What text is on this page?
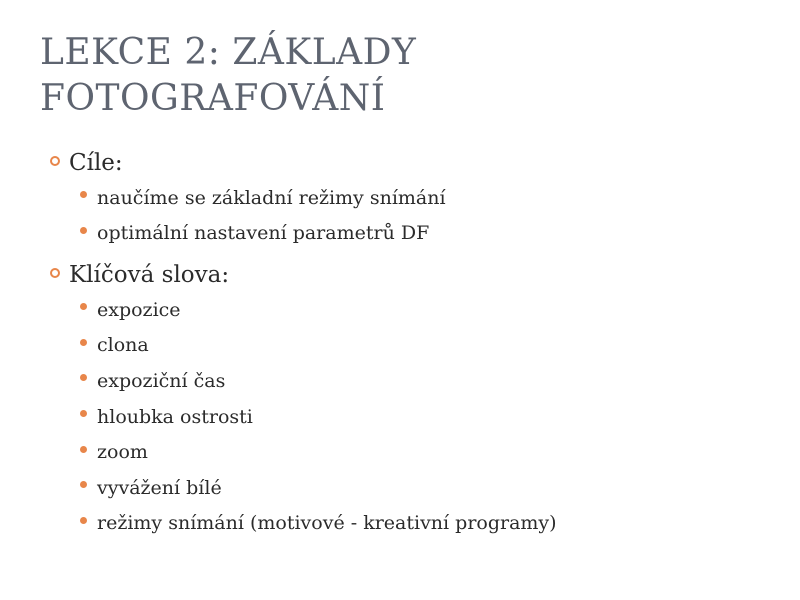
LEKCE 2: ZÁKLADY
FOTOGRAFOVÁNÍ
Cíle:
naučíme se základní režimy snímání
optimální nastavení parametrů DF
Klíčová slova:
expozice
clona
expoziční čas
hloubka ostrosti
zoom
vyvážení bílé
režimy snímání (motivové - kreativní programy)
